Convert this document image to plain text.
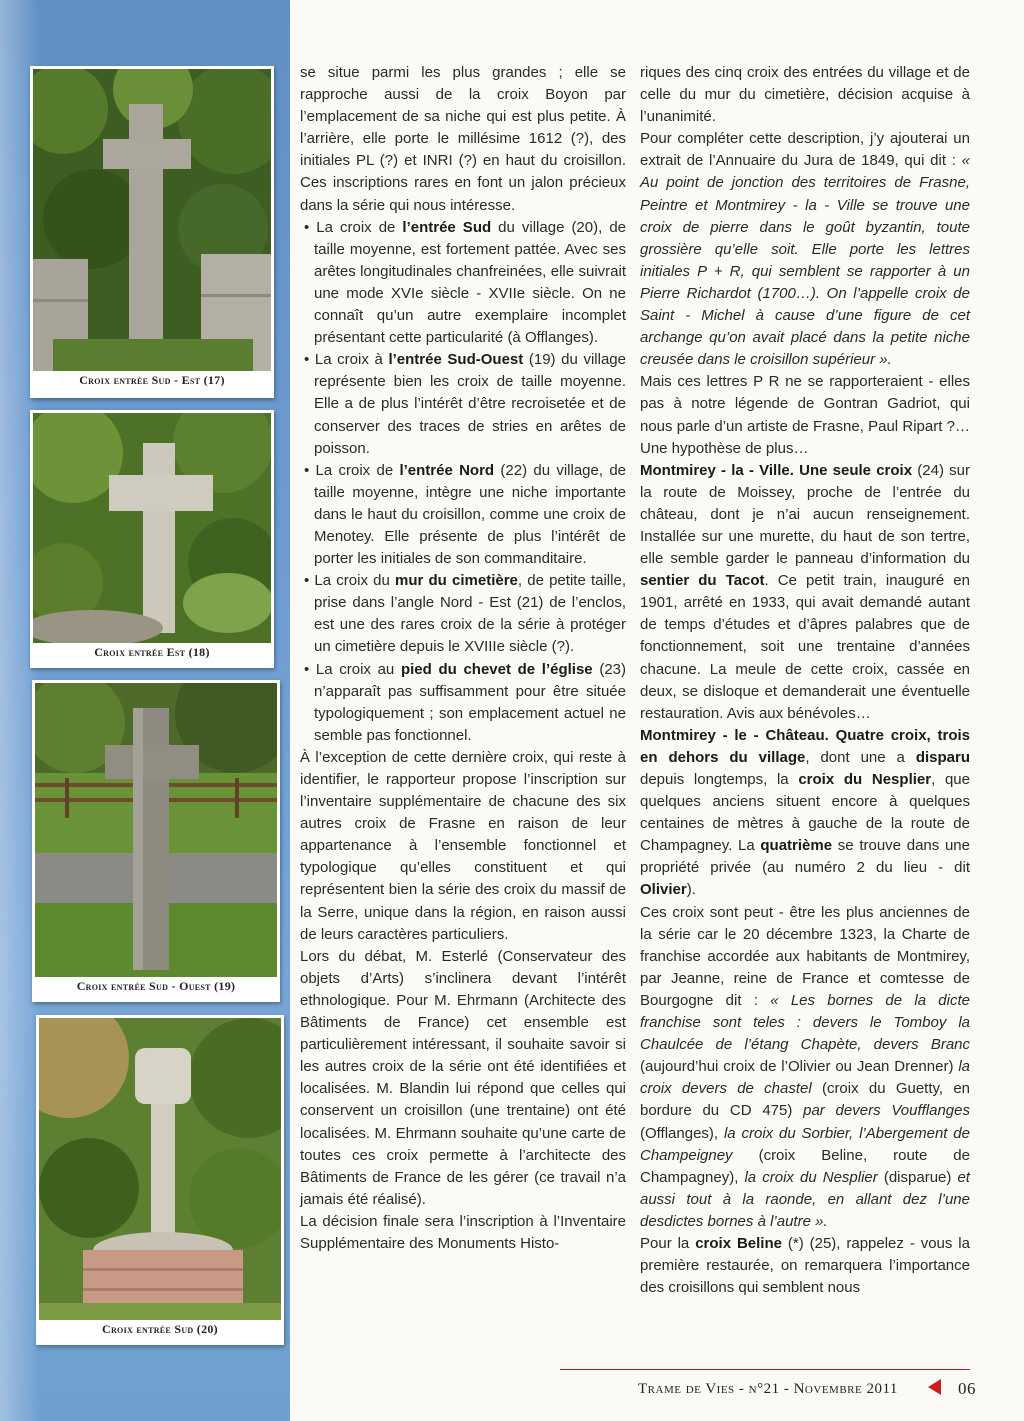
Croix entrée Sud - Est (17)
Croix entrée Est (18)
Croix entrée Sud - Ouest (19)
Croix entrée Sud (20)

se situe parmi les plus grandes ; elle se rapproche aussi de la croix Boyon par l’emplacement de sa niche qui est plus petite. À l’arrière, elle porte le millésime 1612 (?), des initiales PL (?) et INRI (?) en haut du croisillon. Ces inscriptions rares en font un jalon précieux dans la série qui nous intéresse.

• La croix de l’entrée Sud du village (20), de taille moyenne, est fortement pattée. Avec ses arêtes longitudinales chanfreinées, elle suivrait une mode XVIe siècle - XVIIe siècle. On ne connaît qu’un autre exemplaire incomplet présentant cette particularité (à Offlanges).

• La croix à l’entrée Sud-Ouest (19) du village représente bien les croix de taille moyenne. Elle a de plus l’intérêt d’être recroisetée et de conserver des traces de stries en arêtes de poisson.

• La croix de l’entrée Nord (22) du village, de taille moyenne, intègre une niche importante dans le haut du croisillon, comme une croix de Menotey. Elle présente de plus l’intérêt de porter les initiales de son commanditaire.

• La croix du mur du cimetière, de petite taille, prise dans l’angle Nord - Est (21) de l’enclos, est une des rares croix de la série à protéger un cimetière depuis le XVIIIe siècle (?).

• La croix au pied du chevet de l’église (23) n’apparaît pas suffisamment pour être située typologiquement ; son emplacement actuel ne semble pas fonctionnel.

À l’exception de cette dernière croix, qui reste à identifier, le rapporteur propose l’inscription sur l’inventaire supplémentaire de chacune des six autres croix de Frasne en raison de leur appartenance à l’ensemble fonctionnel et typologique qu’elles constituent et qui représentent bien la série des croix du massif de la Serre, unique dans la région, en raison aussi de leurs caractères particuliers.

Lors du débat, M. Esterlé (Conservateur des objets d’Arts) s’inclinera devant l’intérêt ethnologique. Pour M. Ehrmann (Architecte des Bâtiments de France) cet ensemble est particulièrement intéressant, il souhaite savoir si les autres croix de la série ont été identifiées et localisées. M. Blandin lui répond que celles qui conservent un croisillon (une trentaine) ont été localisées. M. Ehrmann souhaite qu’une carte de toutes ces croix permette à l’architecte des Bâtiments de France de les gérer (ce travail n’a jamais été réalisé).

La décision finale sera l’inscription à l’Inventaire Supplémentaire des Monuments Histo-

riques des cinq croix des entrées du village et de celle du mur du cimetière, décision acquise à l’unanimité.

Pour compléter cette description, j’y ajouterai un extrait de l’Annuaire du Jura de 1849, qui dit : « Au point de jonction des territoires de Frasne, Peintre et Montmirey - la - Ville se trouve une croix de pierre dans le goût byzantin, toute grossière qu’elle soit. Elle porte les lettres initiales P + R, qui semblent se rapporter à un Pierre Richardot (1700…). On l’appelle croix de Saint - Michel à cause d’une figure de cet archange qu’on avait placé dans la petite niche creusée dans le croisillon supérieur ».

Mais ces lettres P R ne se rapporteraient - elles pas à notre légende de Gontran Gadriot, qui nous parle d’un artiste de Frasne, Paul Ripart ?… Une hypothèse de plus…

Montmirey - la - Ville. Une seule croix (24) sur la route de Moissey, proche de l’entrée du château, dont je n’ai aucun renseignement. Installée sur une murette, du haut de son tertre, elle semble garder le panneau d’information du sentier du Tacot. Ce petit train, inauguré en 1901, arrêté en 1933, qui avait demandé autant de temps d’études et d’âpres palabres que de fonctionnement, soit une trentaine d’années chacune. La meule de cette croix, cassée en deux, se disloque et demanderait une éventuelle restauration. Avis aux bénévoles…

Montmirey - le - Château. Quatre croix, trois en dehors du village, dont une a disparu depuis longtemps, la croix du Nesplier, que quelques anciens situent encore à quelques centaines de mètres à gauche de la route de Champagney. La quatrième se trouve dans une propriété privée (au numéro 2 du lieu - dit Olivier).

Ces croix sont peut - être les plus anciennes de la série car le 20 décembre 1323, la Charte de franchise accordée aux habitants de Montmirey, par Jeanne, reine de France et comtesse de Bourgogne dit : « Les bornes de la dicte franchise sont teles : devers le Tomboy la Chaulcée de l’étang Chapète, devers Branc (aujourd’hui croix de l’Olivier ou Jean Drenner) la croix devers de chastel (croix du Guetty, en bordure du CD 475) par devers Voufflanges (Offlanges), la croix du Sorbier, l’Abergement de Champeigney (croix Beline, route de Champagney), la croix du Nesplier (disparue) et aussi tout à la raonde, en allant dez l’une desdictes bornes à l’autre ».

Pour la croix Beline (*) (25), rappelez - vous la première restaurée, on remarquera l’importance des croisillons qui semblent nous

Trame de Vies - n°21 - Novembre 2011	06
